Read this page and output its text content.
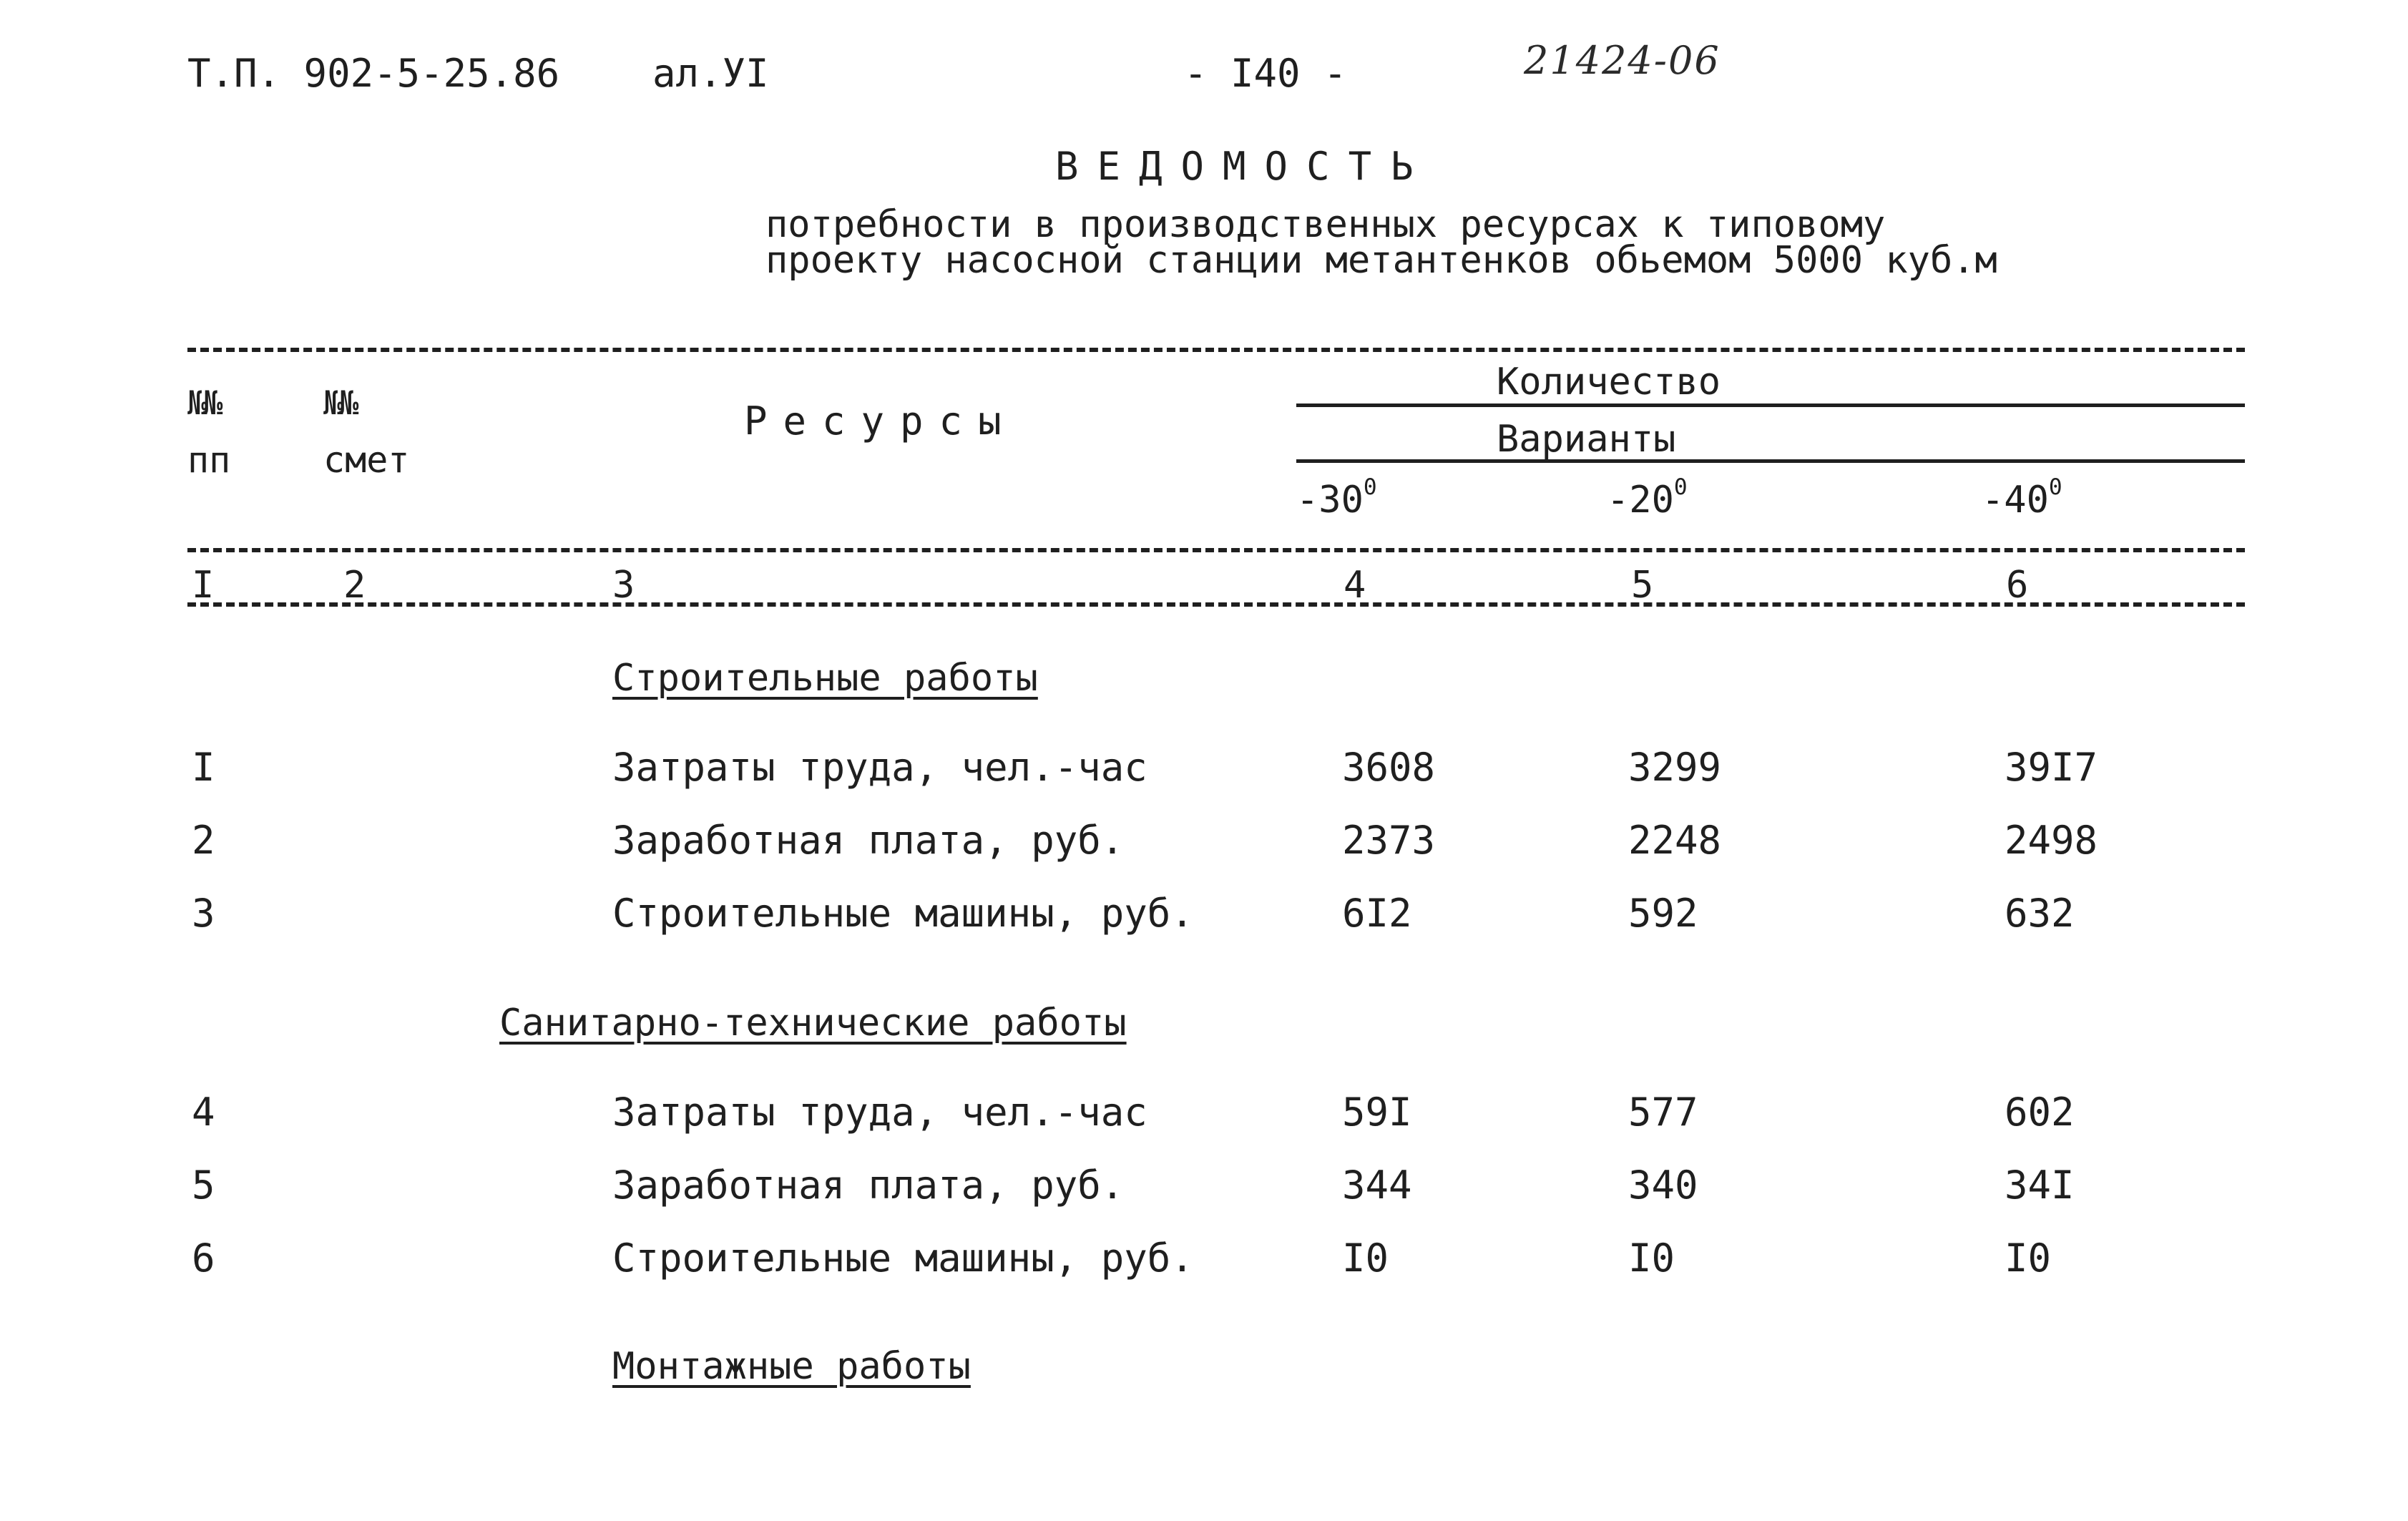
Т.П. 902-5-25.86 ал.УI	- I40 -	21424-06
ВЕДОМОСТЬ
потребности в производственных ресурсах к типовому
проекту насосной станции метантенков обьемом 5000 куб.м
№№
пп
№№
смет
Ресурсы
Количество
Варианты
$-30^0$	$-20^0$	$-40^0$
I	2	3	4	5	6
Строительные работы
I	Затраты труда, чел.-час	3608	3299	39I7
2	Заработная плата, руб.	2373	2248	2498
3	Строительные машины, руб.	6I2	592	632
Санитарно-технические работы
4	Затраты труда, чел.-час	59I	577	602
5	Заработная плата, руб.	344	340	34I
6	Строительные машины, руб.	I0	I0	I0
Монтажные работы
